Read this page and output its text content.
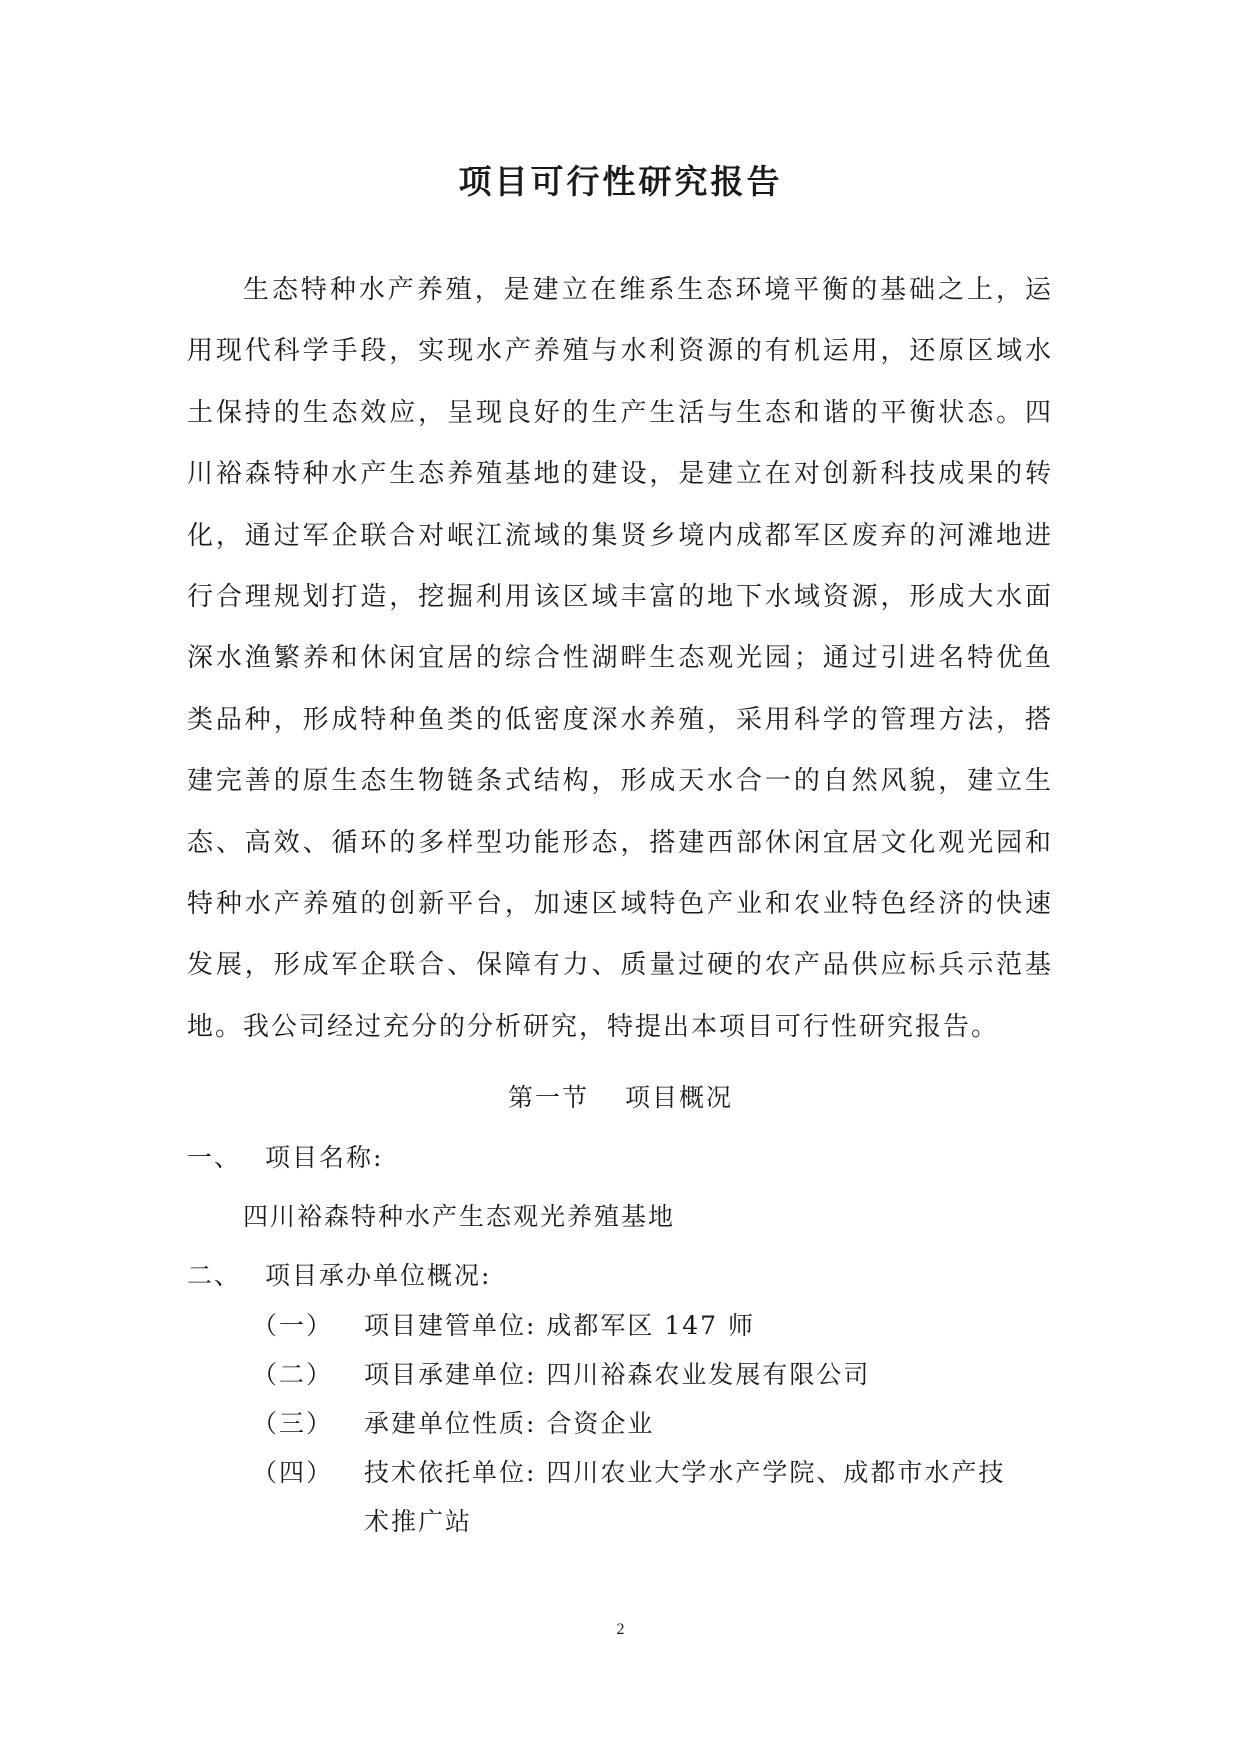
项目可行性研究报告

生态特种水产养殖，是建立在维系生态环境平衡的基础之上，运用现代科学手段，实现水产养殖与水利资源的有机运用，还原区域水土保持的生态效应，呈现良好的生产生活与生态和谐的平衡状态。四川裕森特种水产生态养殖基地的建设，是建立在对创新科技成果的转化，通过军企联合对岷江流域的集贤乡境内成都军区废弃的河滩地进行合理规划打造，挖掘利用该区域丰富的地下水域资源，形成大水面深水渔繁养和休闲宜居的综合性湖畔生态观光园；通过引进名特优鱼类品种，形成特种鱼类的低密度深水养殖，采用科学的管理方法，搭建完善的原生态生物链条式结构，形成天水合一的自然风貌，建立生态、高效、循环的多样型功能形态，搭建西部休闲宜居文化观光园和特种水产养殖的创新平台，加速区域特色产业和农业特色经济的快速发展，形成军企联合、保障有力、质量过硬的农产品供应标兵示范基地。我公司经过充分的分析研究，特提出本项目可行性研究报告。

第一节 项目概况
一、 项目名称:
四川裕森特种水产生态观光养殖基地
二、 项目承办单位概况:
（一）	项目建管单位: 成都军区 147 师
（二）	项目承建单位: 四川裕森农业发展有限公司
（三）	承建单位性质: 合资企业
（四）	技术依托单位: 四川农业大学水产学院、成都市水产技
术推广站
2
